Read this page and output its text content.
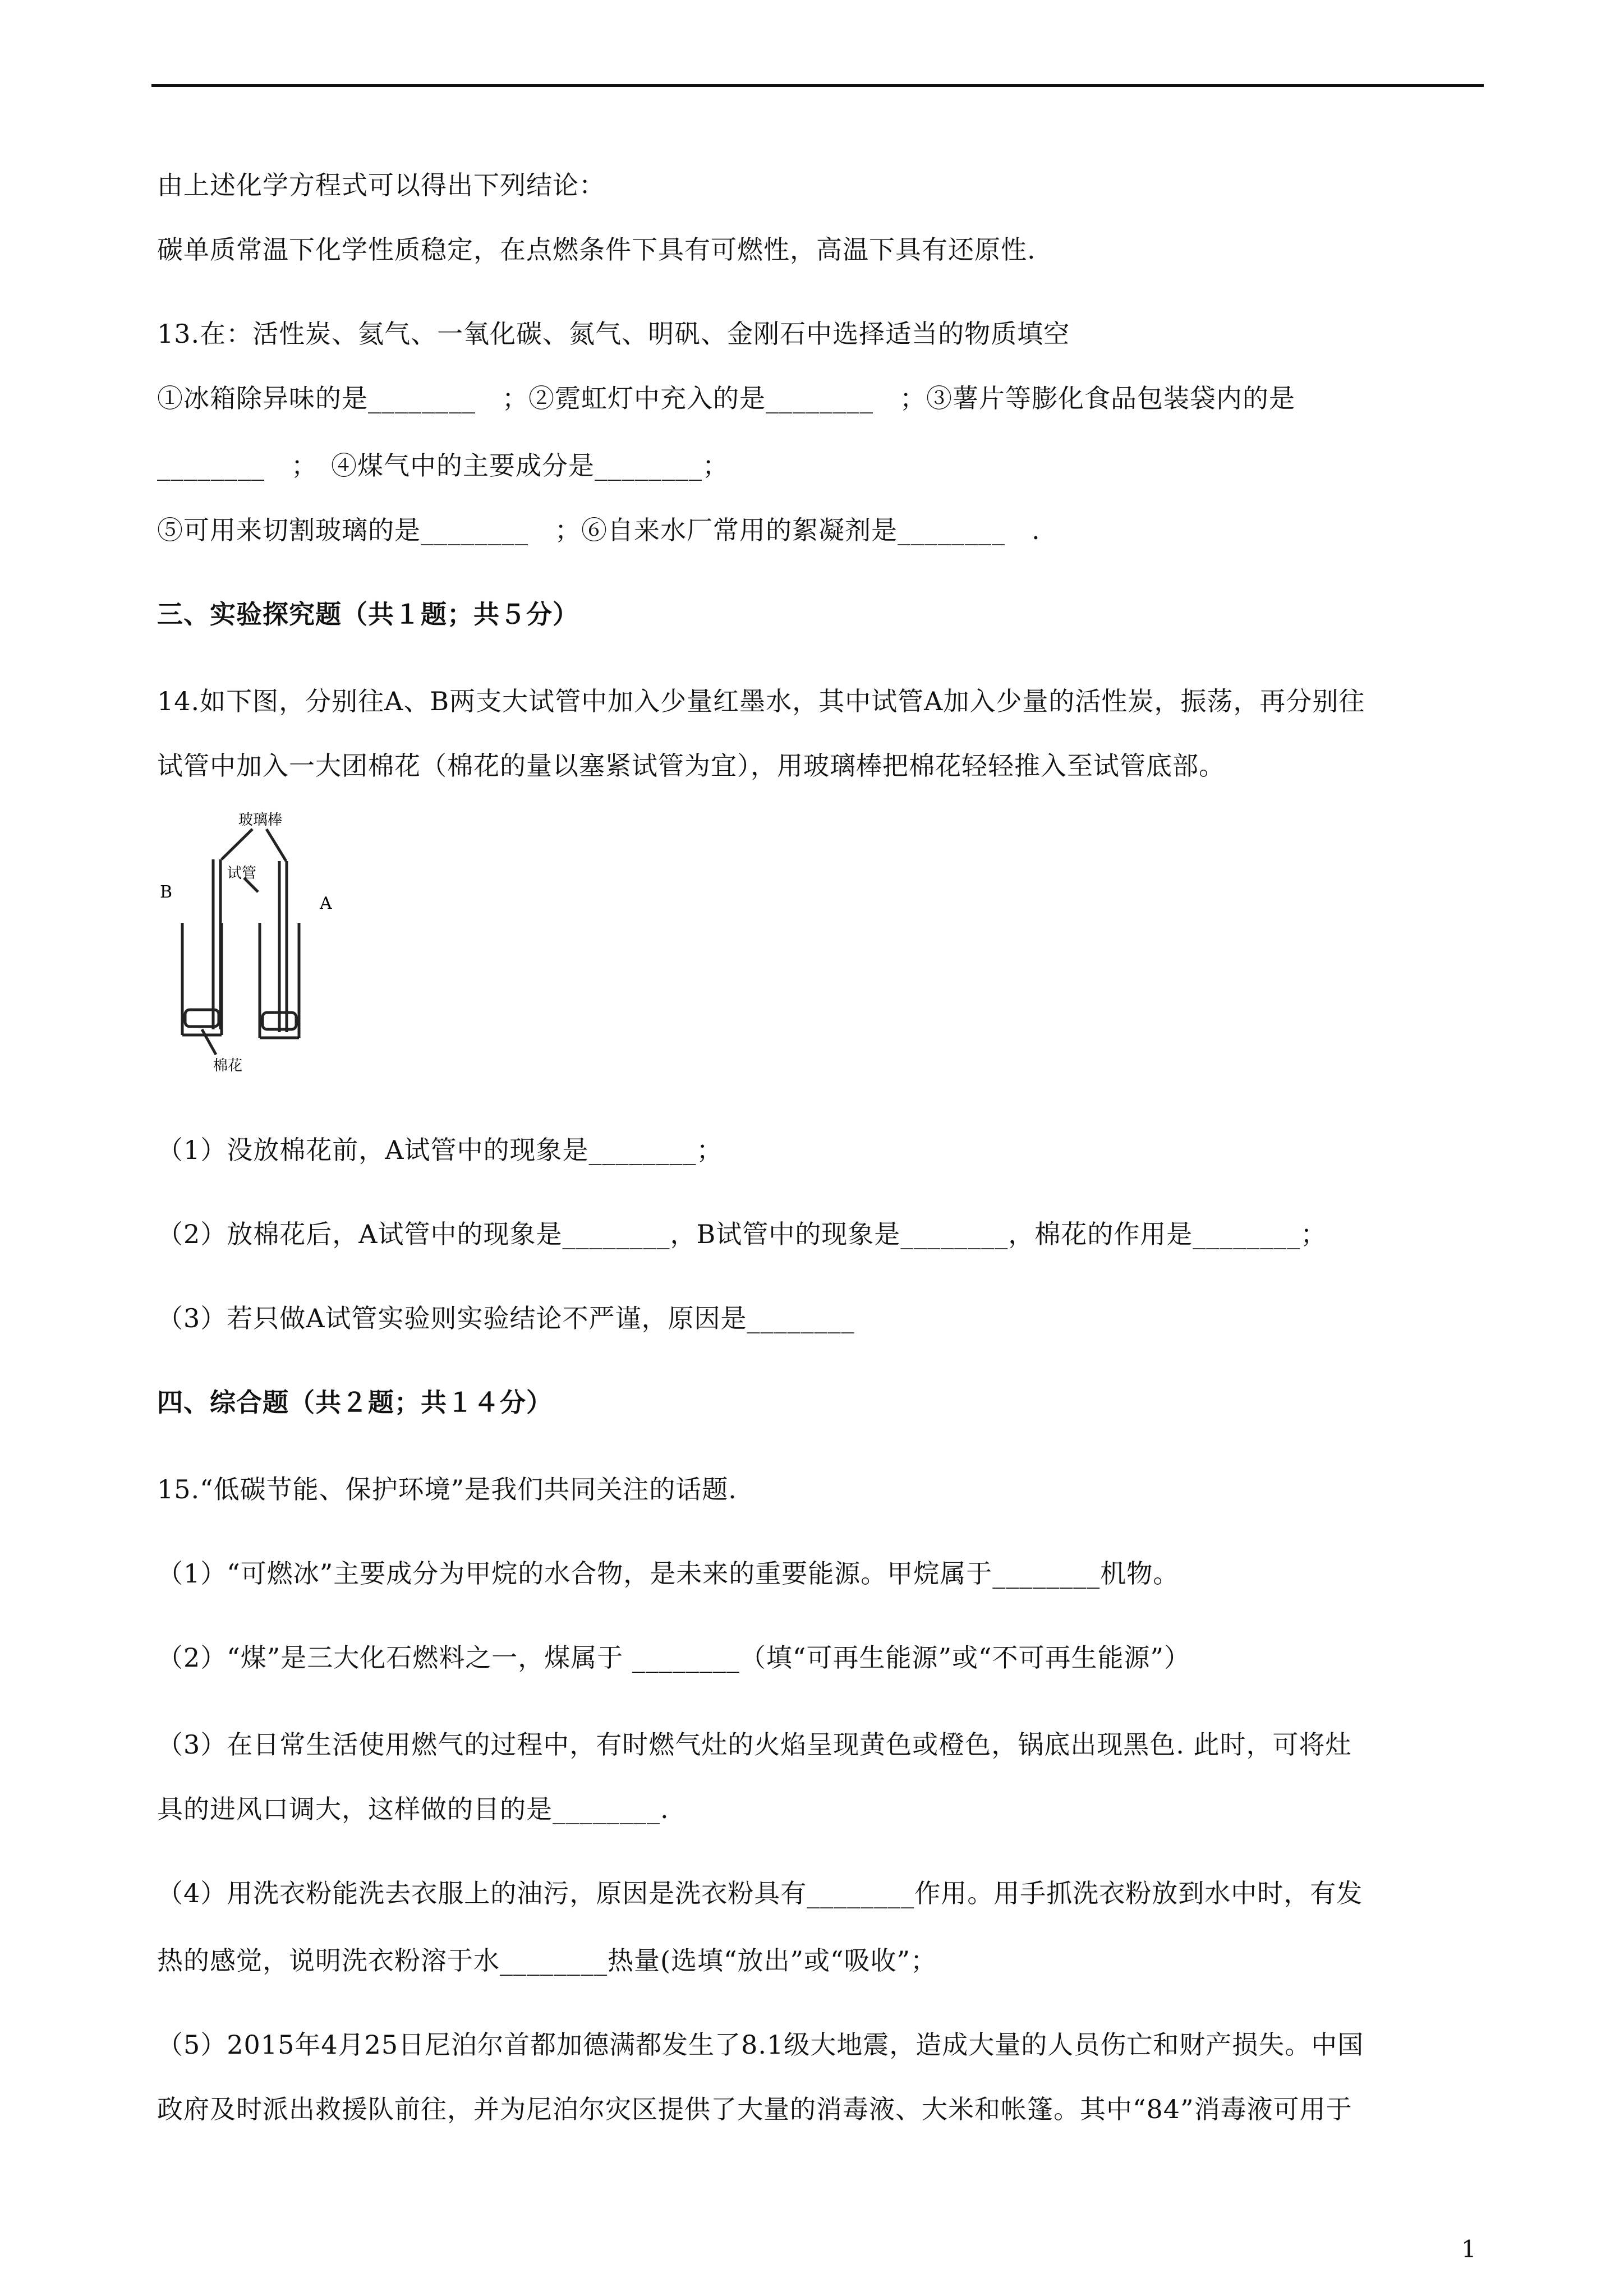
由上述化学方程式可以得出下列结论：
碳单质常温下化学性质稳定，在点燃条件下具有可燃性，高温下具有还原性.
13.在：活性炭、氦气、一氧化碳、氮气、明矾、金刚石中选择适当的物质填空
①冰箱除异味的是________　；②霓虹灯中充入的是________　；③薯片等膨化食品包装袋内的是
________　；　④煤气中的主要成分是________；
⑤可用来切割玻璃的是________　；⑥自来水厂常用的絮凝剂是________　.
三、实验探究题（共１题；共５分）
14.如下图，分别往A、B两支大试管中加入少量红墨水，其中试管A加入少量的活性炭，振荡，再分别往
试管中加入一大团棉花（棉花的量以塞紧试管为宜），用玻璃棒把棉花轻轻推入至试管底部。
玻璃棒
试管
棉花
A
B
（1）没放棉花前，A试管中的现象是________；
（2）放棉花后，A试管中的现象是________，B试管中的现象是________，棉花的作用是________；
（3）若只做A试管实验则实验结论不严谨，原因是________
四、综合题（共２题；共１４分）
15.“低碳节能、保护环境”是我们共同关注的话题.
（1）“可燃冰”主要成分为甲烷的水合物，是未来的重要能源。甲烷属于________机物。
（2）“煤”是三大化石燃料之一，煤属于 ________（填“可再生能源”或“不可再生能源”）
（3）在日常生活使用燃气的过程中，有时燃气灶的火焰呈现黄色或橙色，锅底出现黑色. 此时，可将灶
具的进风口调大，这样做的目的是________.
（4）用洗衣粉能洗去衣服上的油污，原因是洗衣粉具有________作用。用手抓洗衣粉放到水中时，有发
热的感觉，说明洗衣粉溶于水________热量(选填“放出”或“吸收”；
（5）2015年4月25日尼泊尔首都加德满都发生了8.1级大地震，造成大量的人员伤亡和财产损失。中国
政府及时派出救援队前往，并为尼泊尔灾区提供了大量的消毒液、大米和帐篷。其中“84”消毒液可用于
1
